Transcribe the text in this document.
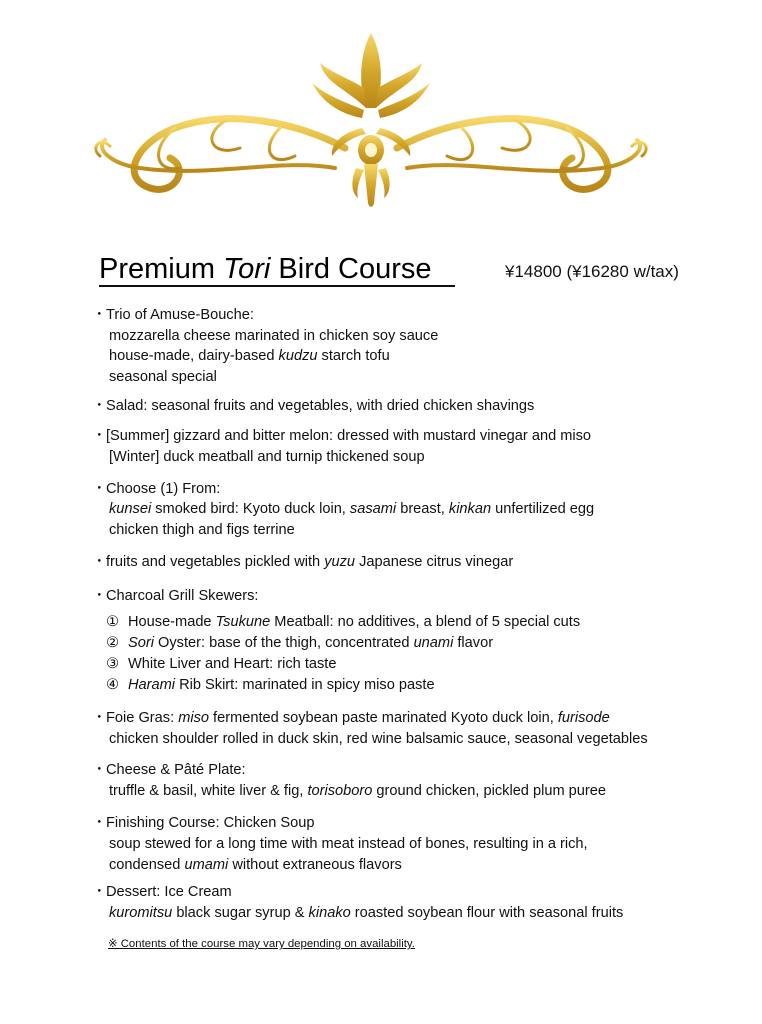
Premium Tori Bird Course	¥14800 (¥16280 w/tax)
・ Trio of Amuse-Bouche:
mozzarella cheese marinated in chicken soy sauce
house-made, dairy-based kudzu starch tofu
seasonal special
・ Salad: seasonal fruits and vegetables, with dried chicken shavings
・ [Summer] gizzard and bitter melon: dressed with mustard vinegar and miso
[Winter] duck meatball and turnip thickened soup
・ Choose (1) From:
kunsei smoked bird: Kyoto duck loin, sasami breast, kinkan unfertilized egg
chicken thigh and figs terrine
・ fruits and vegetables pickled with yuzu Japanese citrus vinegar
・ Charcoal Grill Skewers:
① House-made Tsukune Meatball: no additives, a blend of 5 special cuts
② Sori Oyster: base of the thigh, concentrated unami flavor
③ White Liver and Heart: rich taste
④ Harami Rib Skirt: marinated in spicy miso paste
・ Foie Gras: miso fermented soybean paste marinated Kyoto duck loin, furisode
chicken shoulder rolled in duck skin, red wine balsamic sauce, seasonal vegetables
・ Cheese & Pâté Plate:
truffle & basil, white liver & fig, torisoboro ground chicken, pickled plum puree
・ Finishing Course: Chicken Soup
soup stewed for a long time with meat instead of bones, resulting in a rich,
condensed umami without extraneous flavors
・ Dessert: Ice Cream
kuromitsu black sugar syrup & kinako roasted soybean flour with seasonal fruits
※ Contents of the course may vary depending on availability.
